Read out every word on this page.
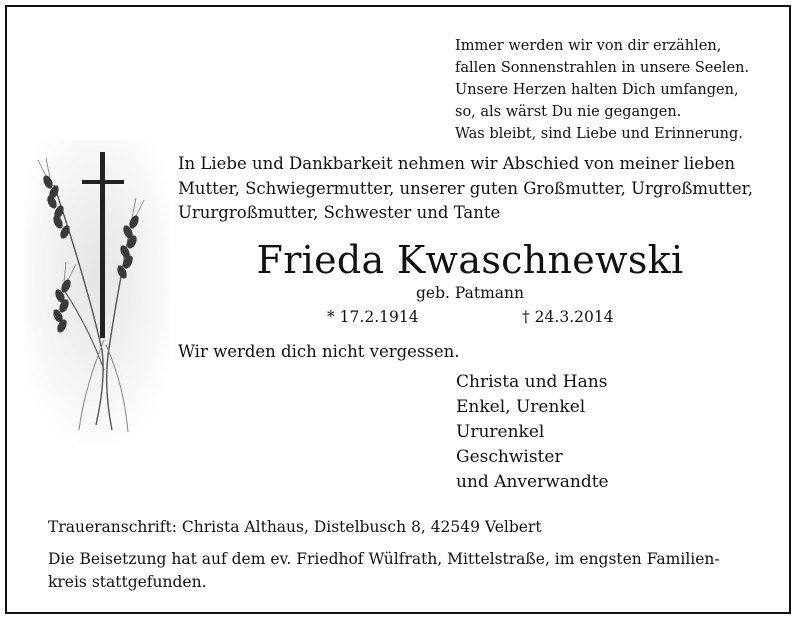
Immer werden wir von dir erzählen,
fallen Sonnenstrahlen in unsere Seelen.
Unsere Herzen halten Dich umfangen,
so, als wärst Du nie gegangen.
Was bleibt, sind Liebe und Erinnerung.
In Liebe und Dankbarkeit nehmen wir Abschied von meiner lieben
Mutter, Schwiegermutter, unserer guten Großmutter, Urgroßmutter,
Ururgroßmutter, Schwester und Tante
Frieda Kwaschnewski
geb. Patmann
* 17.2.1914	† 24.3.2014
Wir werden dich nicht vergessen.
Christa und Hans
Enkel, Urenkel
Ururenkel
Geschwister
und Anverwandte
Traueranschrift: Christa Althaus, Distelbusch 8, 42549 Velbert
Die Beisetzung hat auf dem ev. Friedhof Wülfrath, Mittelstraße, im engsten Familien-
kreis stattgefunden.
